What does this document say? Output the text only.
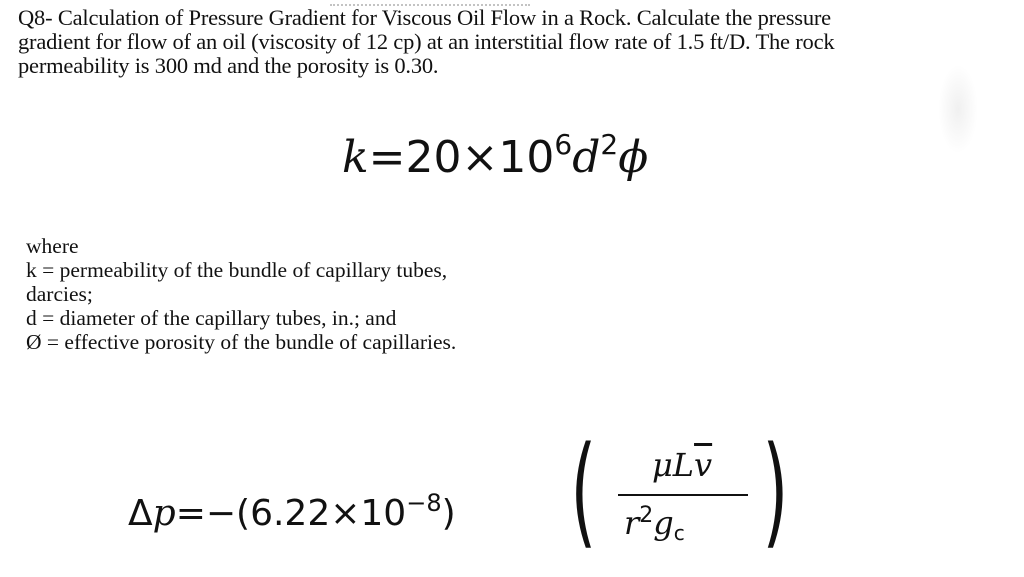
Q8- Calculation of Pressure Gradient for Viscous Oil Flow in a Rock. Calculate the pressure
gradient for flow of an oil (viscosity of 12 cp) at an interstitial flow rate of 1.5 ft/D. The rock
permeability is 300 md and the porosity is 0.30.
$k=20\times 10^6d^2\phi$
where
k = permeability of the bundle of capillary tubes,
darcies;
d = diameter of the capillary tubes, in.; and
Ø = effective porosity of the bundle of capillaries.
$\Delta p=-(6.22\times 10^{-8})$ ( $\mu L\overline{v}$
$r^2g_c$ )
